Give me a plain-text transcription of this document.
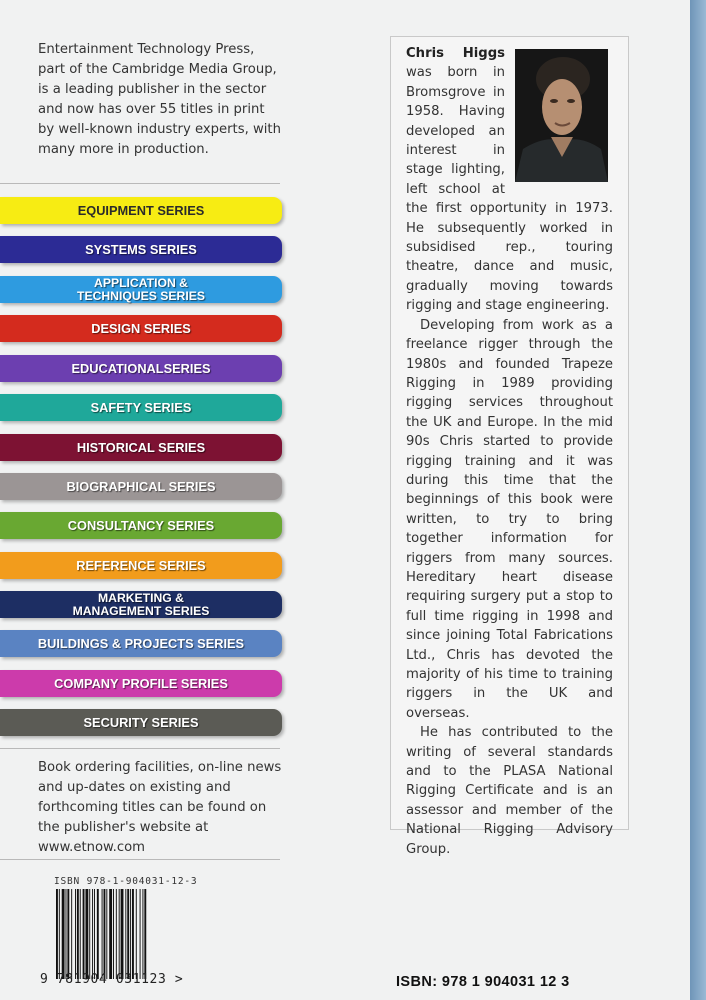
Entertainment Technology Press, part of the Cambridge Media Group, is a leading publisher in the sector and now has over 55 titles in print by well-known industry experts, with many more in production.
EQUIPMENT SERIES
SYSTEMS SERIES
APPLICATION &
TECHNIQUES SERIES
DESIGN SERIES
EDUCATIONALSERIES
SAFETY SERIES
HISTORICAL SERIES
BIOGRAPHICAL SERIES
CONSULTANCY SERIES
REFERENCE SERIES
MARKETING &
MANAGEMENT SERIES
BUILDINGS & PROJECTS SERIES
COMPANY PROFILE SERIES
SECURITY SERIES
Book ordering facilities, on-line news and up-dates on existing and forthcoming titles can be found on the publisher's website at
www.etnow.com
ISBN 978-1-904031-12-3
9 781904 031123 >

Chris Higgs was born in Bromsgrove in 1958. Having developed an interest in stage lighting, left school at the first opportunity in 1973. He subsequently worked in subsidised rep., touring theatre, dance and music, gradually moving towards rigging and stage engineering.

Developing from work as a freelance rigger through the 1980s and founded Trapeze Rigging in 1989 providing rigging services throughout the UK and Europe. In the mid 90s Chris started to provide rigging training and it was during this time that the beginnings of this book were written, to try to bring together information for riggers from many sources. Hereditary heart disease requiring surgery put a stop to full time rigging in 1998 and since joining Total Fabrications Ltd., Chris has devoted the majority of his time to training riggers in the UK and overseas.

He has contributed to the writing of several standards and to the PLASA National Rigging Certificate and is an assessor and member of the National Rigging Advisory Group.

ISBN: 978 1 904031 12 3
